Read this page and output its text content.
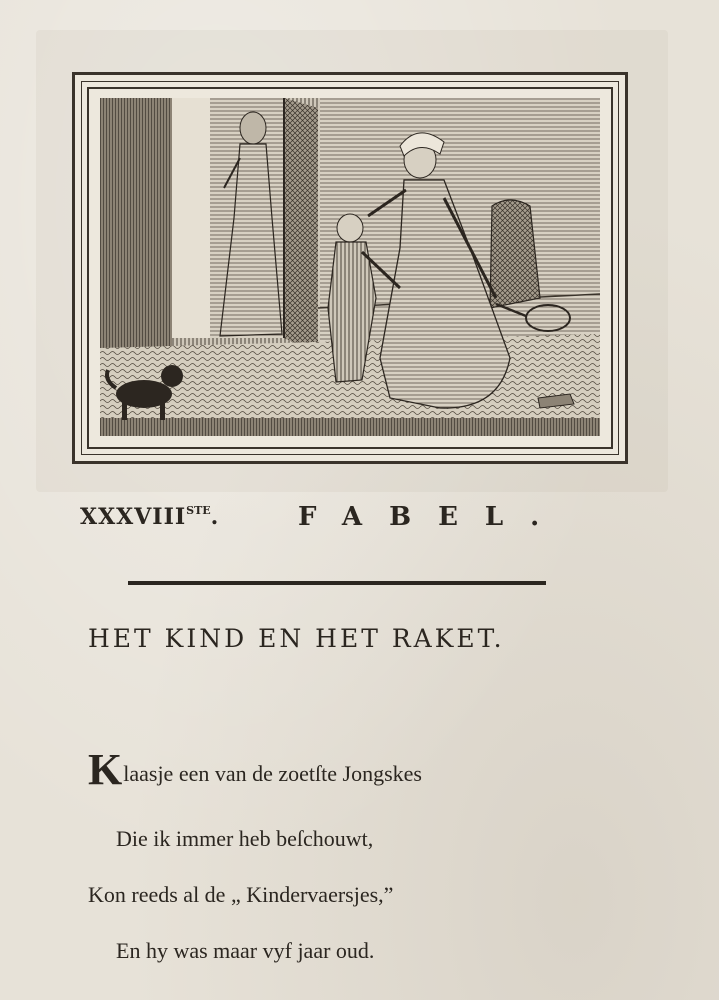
XXXVIIISTE.	FABEL.
HET KIND EN HET RAKET.
Klaasje een van de zoetſte Jongskes
Die ik immer heb beſchouwt,
Kon reeds al de „ Kindervaersjes,”
En hy was maar vyf jaar oud.
